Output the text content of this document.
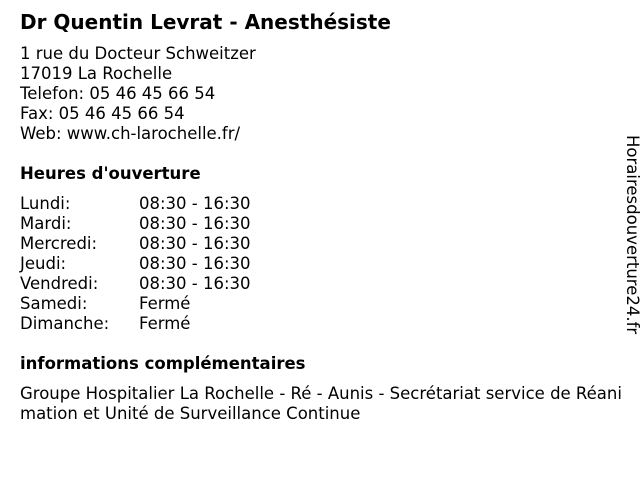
Dr Quentin Levrat - Anesthésiste
1 rue du Docteur Schweitzer
17019 La Rochelle
Telefon: 05 46 45 66 54
Fax: 05 46 45 66 54
Web: www.ch-larochelle.fr/
Heures d'ouverture
Lundi:	08:30 - 16:30
Mardi:	08:30 - 16:30
Mercredi:	08:30 - 16:30
Jeudi:	08:30 - 16:30
Vendredi: 08:30 - 16:30
Samedi:	Fermé
Dimanche: Fermé
informations complémentaires
Groupe Hospitalier La Rochelle - Ré - Aunis - Secrétariat service de Réanimation et Unité de Surveillance Continue
Horairesdouverture24.fr
